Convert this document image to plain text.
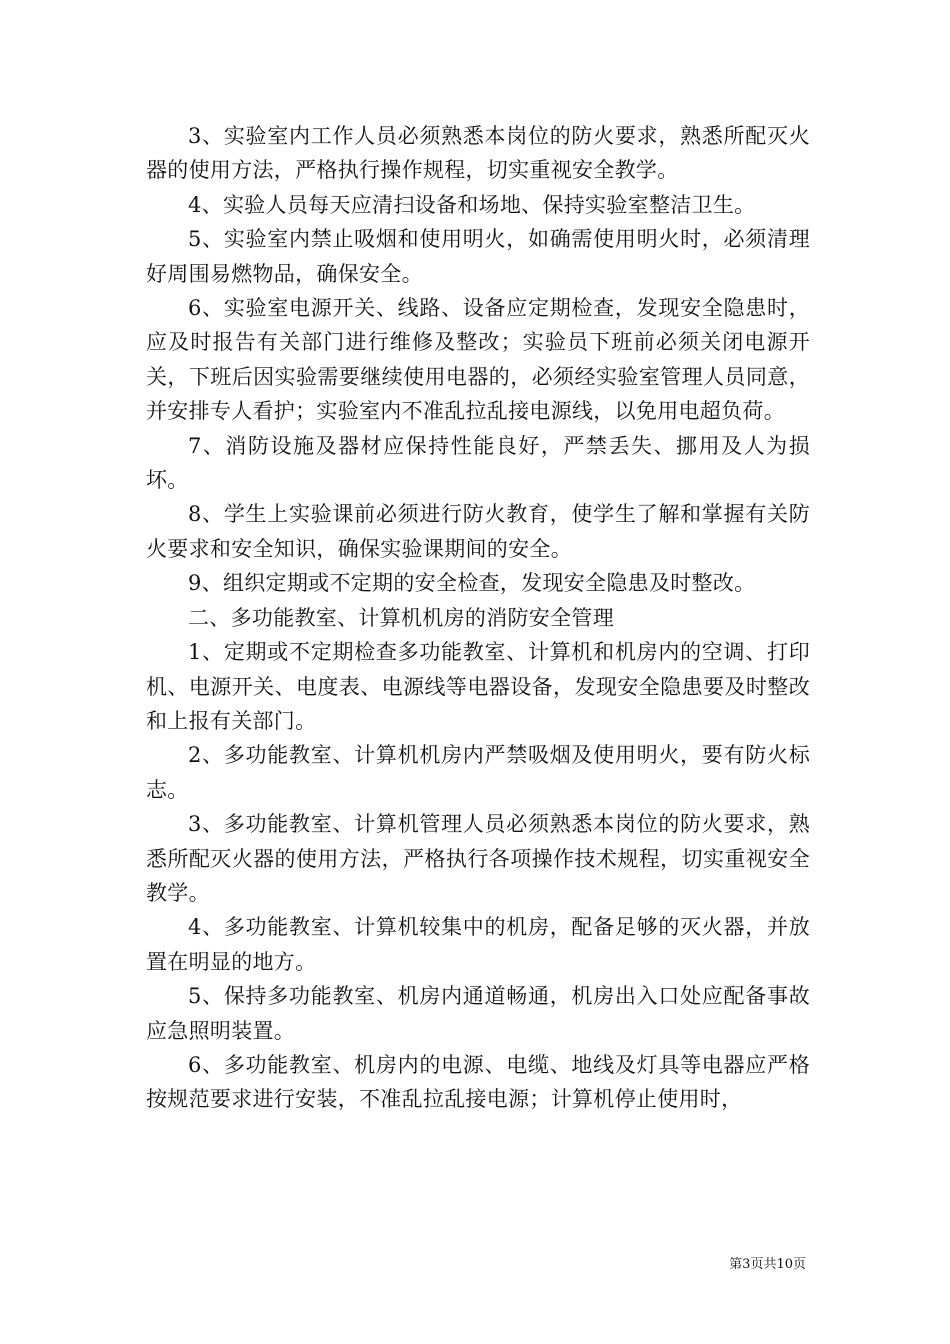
3、实验室内工作人员必须熟悉本岗位的防火要求，熟悉所配灭火器的使用方法，严格执行操作规程，切实重视安全教学。

4、实验人员每天应清扫设备和场地、保持实验室整洁卫生。

5、实验室内禁止吸烟和使用明火，如确需使用明火时，必须清理好周围易燃物品，确保安全。

6、实验室电源开关、线路、设备应定期检查，发现安全隐患时，应及时报告有关部门进行维修及整改；实验员下班前必须关闭电源开关，下班后因实验需要继续使用电器的，必须经实验室管理人员同意，并安排专人看护；实验室内不准乱拉乱接电源线，以免用电超负荷。

7、消防设施及器材应保持性能良好，严禁丢失、挪用及人为损坏。

8、学生上实验课前必须进行防火教育，使学生了解和掌握有关防火要求和安全知识，确保实验课期间的安全。

9、组织定期或不定期的安全检查，发现安全隐患及时整改。

二、多功能教室、计算机机房的消防安全管理

1、定期或不定期检查多功能教室、计算机和机房内的空调、打印机、电源开关、电度表、电源线等电器设备，发现安全隐患要及时整改和上报有关部门。

2、多功能教室、计算机机房内严禁吸烟及使用明火，要有防火标志。

3、多功能教室、计算机管理人员必须熟悉本岗位的防火要求，熟悉所配灭火器的使用方法，严格执行各项操作技术规程，切实重视安全教学。

4、多功能教室、计算机较集中的机房，配备足够的灭火器，并放置在明显的地方。

5、保持多功能教室、机房内通道畅通，机房出入口处应配备事故应急照明装置。

6、多功能教室、机房内的电源、电缆、地线及灯具等电器应严格按规范要求进行安装，不准乱拉乱接电源；计算机停止使用时，

第3页共10页
